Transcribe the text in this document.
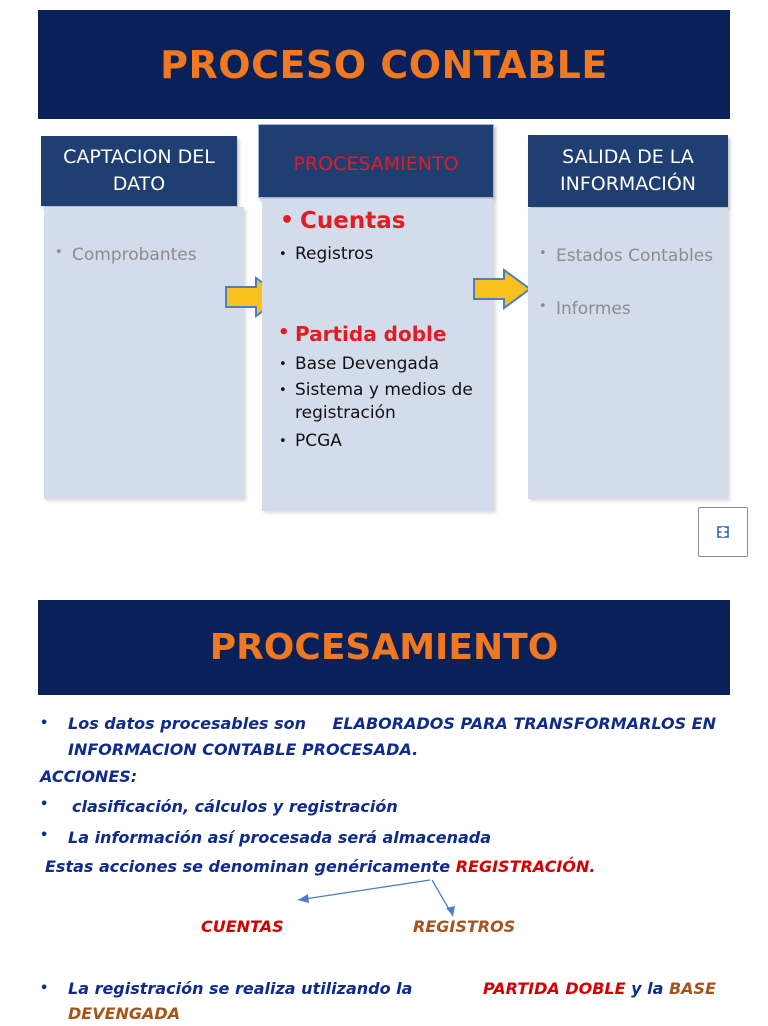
PROCESO CONTABLE
CAPTACION DEL
DATO
• Comprobantes
PROCESAMIENTO
• Cuentas
• Registros
• Partida doble
• Base Devengada
• Sistema y medios de
registración
• PCGA
SALIDA DE LA
INFORMACIÓN
• Estados Contables
• Informes
PROCESAMIENTO
• Los datos procesables son ELABORADOS PARA TRANSFORMARLOS EN
INFORMACION CONTABLE PROCESADA.
ACCIONES:
• clasificación, cálculos y registración
• La información así procesada será almacenada
Estas acciones se denominan genéricamente REGISTRACIÓN.
CUENTAS	REGISTROS
• La registración se realiza utilizando la	PARTIDA DOBLE y la BASE
DEVENGADA
